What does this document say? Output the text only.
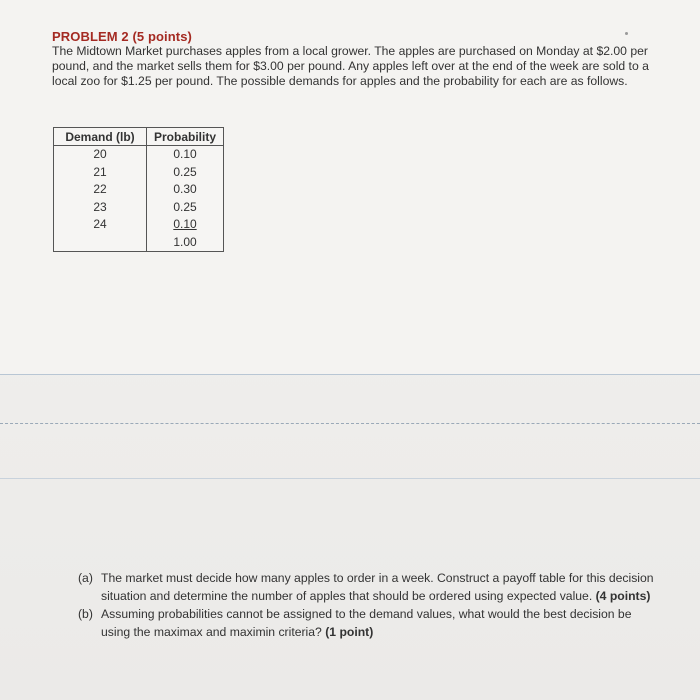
PROBLEM 2 (5 points)
The Midtown Market purchases apples from a local grower. The apples are purchased on Monday at $2.00 per pound, and the market sells them for $3.00 per pound. Any apples left over at the end of the week are sold to a local zoo for $1.25 per pound. The possible demands for apples and the probability for each are as follows.
Demand (lb)	Probability
20	0.10
21	0.25
22	0.30
23	0.25
24	0.10
	1.00
(a) The market must decide how many apples to order in a week. Construct a payoff table for this decision situation and determine the number of apples that should be ordered using expected value. (4 points)
(b) Assuming probabilities cannot be assigned to the demand values, what would the best decision be using the maximax and maximin criteria? (1 point)
